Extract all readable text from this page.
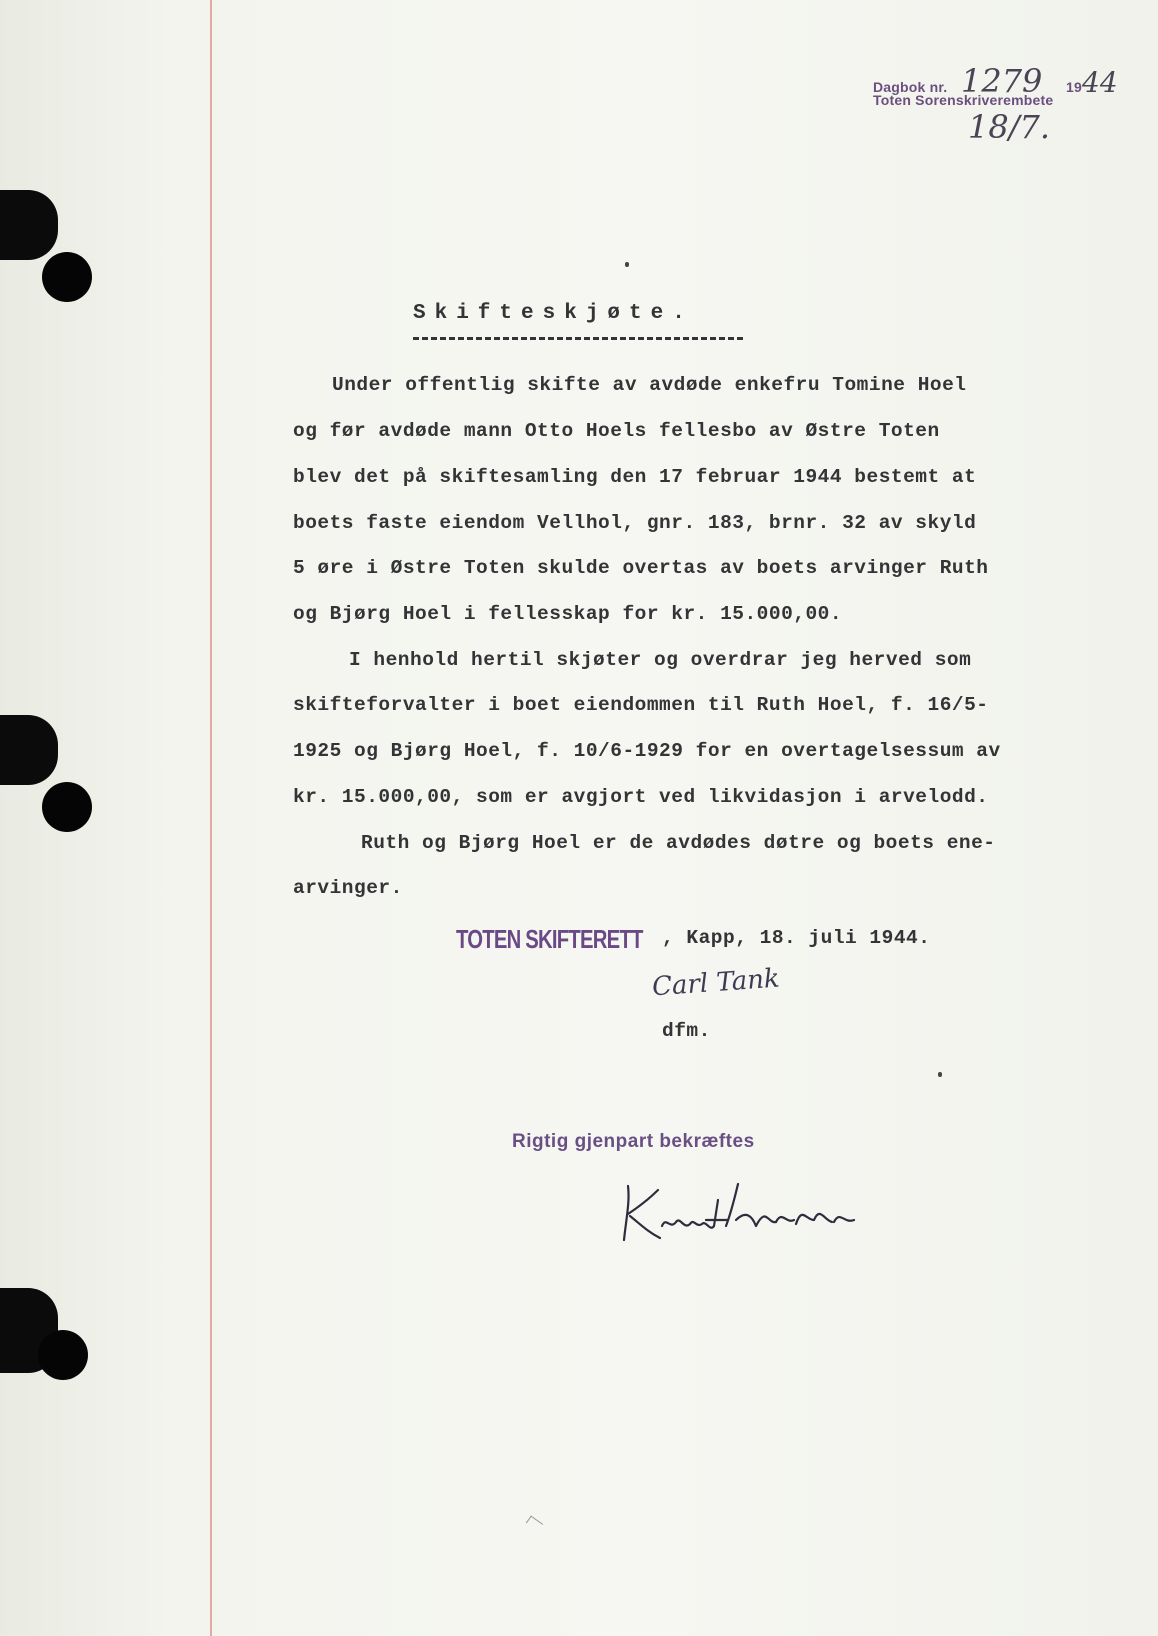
Dagbok nr. 1279 1944
Toten Sorenskriverembete
18/7.
Skifteskjøte.
Under offentlig skifte av avdøde enkefru Tomine Hoel
og før avdøde mann Otto Hoels fellesbo av Østre Toten
blev det på skiftesamling den 17 februar 1944 bestemt at
boets faste eiendom Vellhol, gnr. 183, brnr. 32 av skyld
5 øre i Østre Toten skulde overtas av boets arvinger Ruth
og Bjørg Hoel i fellesskap for kr. 15.000,00.
I henhold hertil skjøter og overdrar jeg herved som
skifteforvalter i boet eiendommen til Ruth Hoel, f. 16/5-
1925 og Bjørg Hoel, f. 10/6-1929 for en overtagelsessum av
kr. 15.000,00, som er avgjort ved likvidasjon i arvelodd.
Ruth og Bjørg Hoel er de avdødes døtre og boets ene-
arvinger.
TOTEN SKIFTERETT , Kapp, 18. juli 1944.
Carl Tank
dfm.
Rigtig gjenpart bekræftes
